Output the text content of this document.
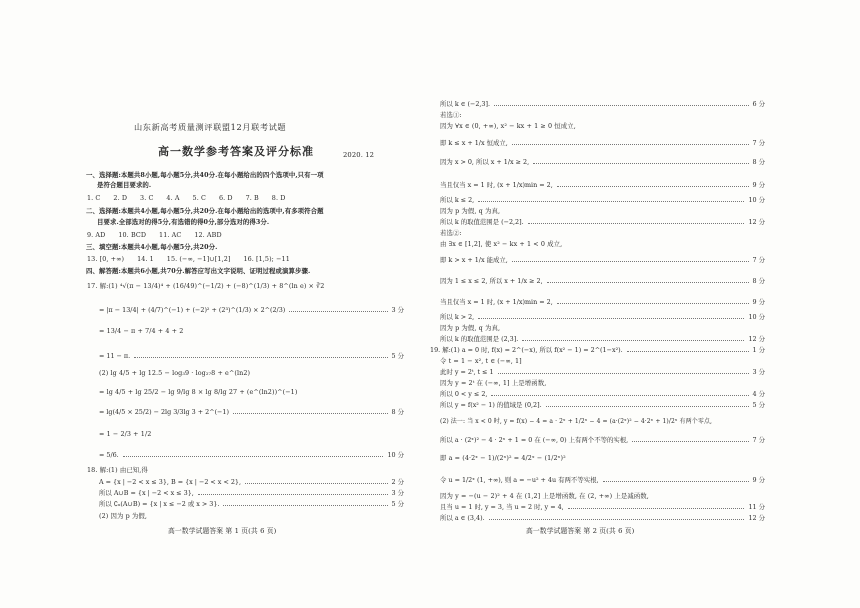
山东新高考质量测评联盟12月联考试题
高一数学参考答案及评分标准	2020. 12
一、选择题:本题共8小题,每小题5分,共40分.在每小题给出的四个选项中,只有一项
是符合题目要求的.
1. C　　2. D　　3. C　　4. A　　5. C　　6. D　　7. B　　8. D
二、选择题:本题共4小题,每小题5分,共20分.在每小题给出的选项中,有多项符合题
目要求.全部选对的得5分,有选错的得0分,部分选对的得3分.
9. AD　　10. BCD　　11. AC　　12. ABD
三、填空题:本题共4小题,每小题5分,共20分.
13. [0, +∞)　　14. 1　　15. (−∞, −1]∪[1,2]　　16. [1,5); −11
四、解答题:本题共6小题,共70分.解答应写出文字说明、证明过程或演算步骤.
17. 解:(1) ⁴√(π − 13/4)⁴ + (16/49)^(−1/2) + (−8)^(1/3) + 8^(ln e) × ∛2
= |π − 13/4| + (4/7)^(−1) + (−2)² + (2³)^(1/3) × 2^(2/3)	3 分
= 13/4 − π + 7/4 + 4 + 2
= 11 − π.	5 分
(2) lg 4/5 + lg 12.5 − log₃9 · log₂₇8 + e^(ln2)
= lg 4/5 + lg 25/2 − lg 9/lg 8 × lg 8/lg 27 + (e^(ln2))^(−1)
= lg(4/5 × 25/2) − 2lg 3/3lg 3 + 2^(−1)	8 分
= 1 − 2/3 + 1/2
= 5/6.	10 分
18. 解:(1) 由已知,得
A = {x | −2 < x ≤ 3}, B = {x | −2 < x < 2},	2 分
所以 A∪B = {x | −2 < x ≤ 3},	3 分
所以 ∁ᵤ(A∪B) = {x | x ≤ −2 或 x > 3}.	5 分
(2) 因为 p 为假,
高一数学试题答案 第 1 页(共 6 页)
所以 k ∈ (−2,3].	6 分
若选①:
因为 ∀x ∈ (0, +∞), x² − kx + 1 ≥ 0 恒成立,
即 k ≤ x + 1/x 恒成立,	7 分
因为 x > 0, 所以 x + 1/x ≥ 2,	8 分
当且仅当 x = 1 时, (x + 1/x)min = 2,	9 分
所以 k ≤ 2,	10 分
因为 p 为假, q 为真,
所以 k 的取值范围是 (−2,2].	12 分
若选②:
由 ∃x ∈ [1,2], 使 x² − kx + 1 < 0 成立,
即 k > x + 1/x 能成立,	7 分
因为 1 ≤ x ≤ 2, 所以 x + 1/x ≥ 2,	8 分
当且仅当 x = 1 时, (x + 1/x)min = 2,	9 分
所以 k > 2,	10 分
因为 p 为假, q 为真,
所以 k 的取值范围是 (2,3].	12 分
19. 解:(1) a = 0 时, f(x) = 2^(−x), 所以 f(x² − 1) = 2^(1−x²).	1 分
令 t = 1 − x², t ∈ (−∞, 1]
此时 y = 2ᵗ, t ≤ 1	3 分
因为 y = 2ᵗ 在 (−∞, 1] 上是增函数,
所以 0 < y ≤ 2,	4 分
所以 y = f(x² − 1) 的值域是 (0,2].	5 分
(2) 法一: 当 x < 0 时, y = f(x) − 4 = a · 2ˣ + 1/2ˣ − 4 = (a·(2ˣ)² − 4·2ˣ + 1)/2ˣ 有两个零点,
所以 a · (2ˣ)² − 4 · 2ˣ + 1 = 0 在 (−∞, 0) 上有两个不等的实根,	7 分
即 a = (4·2ˣ − 1)/(2ˣ)² = 4/2ˣ − (1/2ˣ)²
令 u = 1/2ˣ (1, +∞), 则 a = −u² + 4u 有两不等实根,	9 分
因为 y = −(u − 2)² + 4 在 (1,2] 上是增函数, 在 (2, +∞) 上是减函数,
且当 u = 1 时, y = 3, 当 u = 2 时, y = 4,	11 分
所以 a ∈ (3,4).	12 分
高一数学试题答案 第 2 页(共 6 页)
